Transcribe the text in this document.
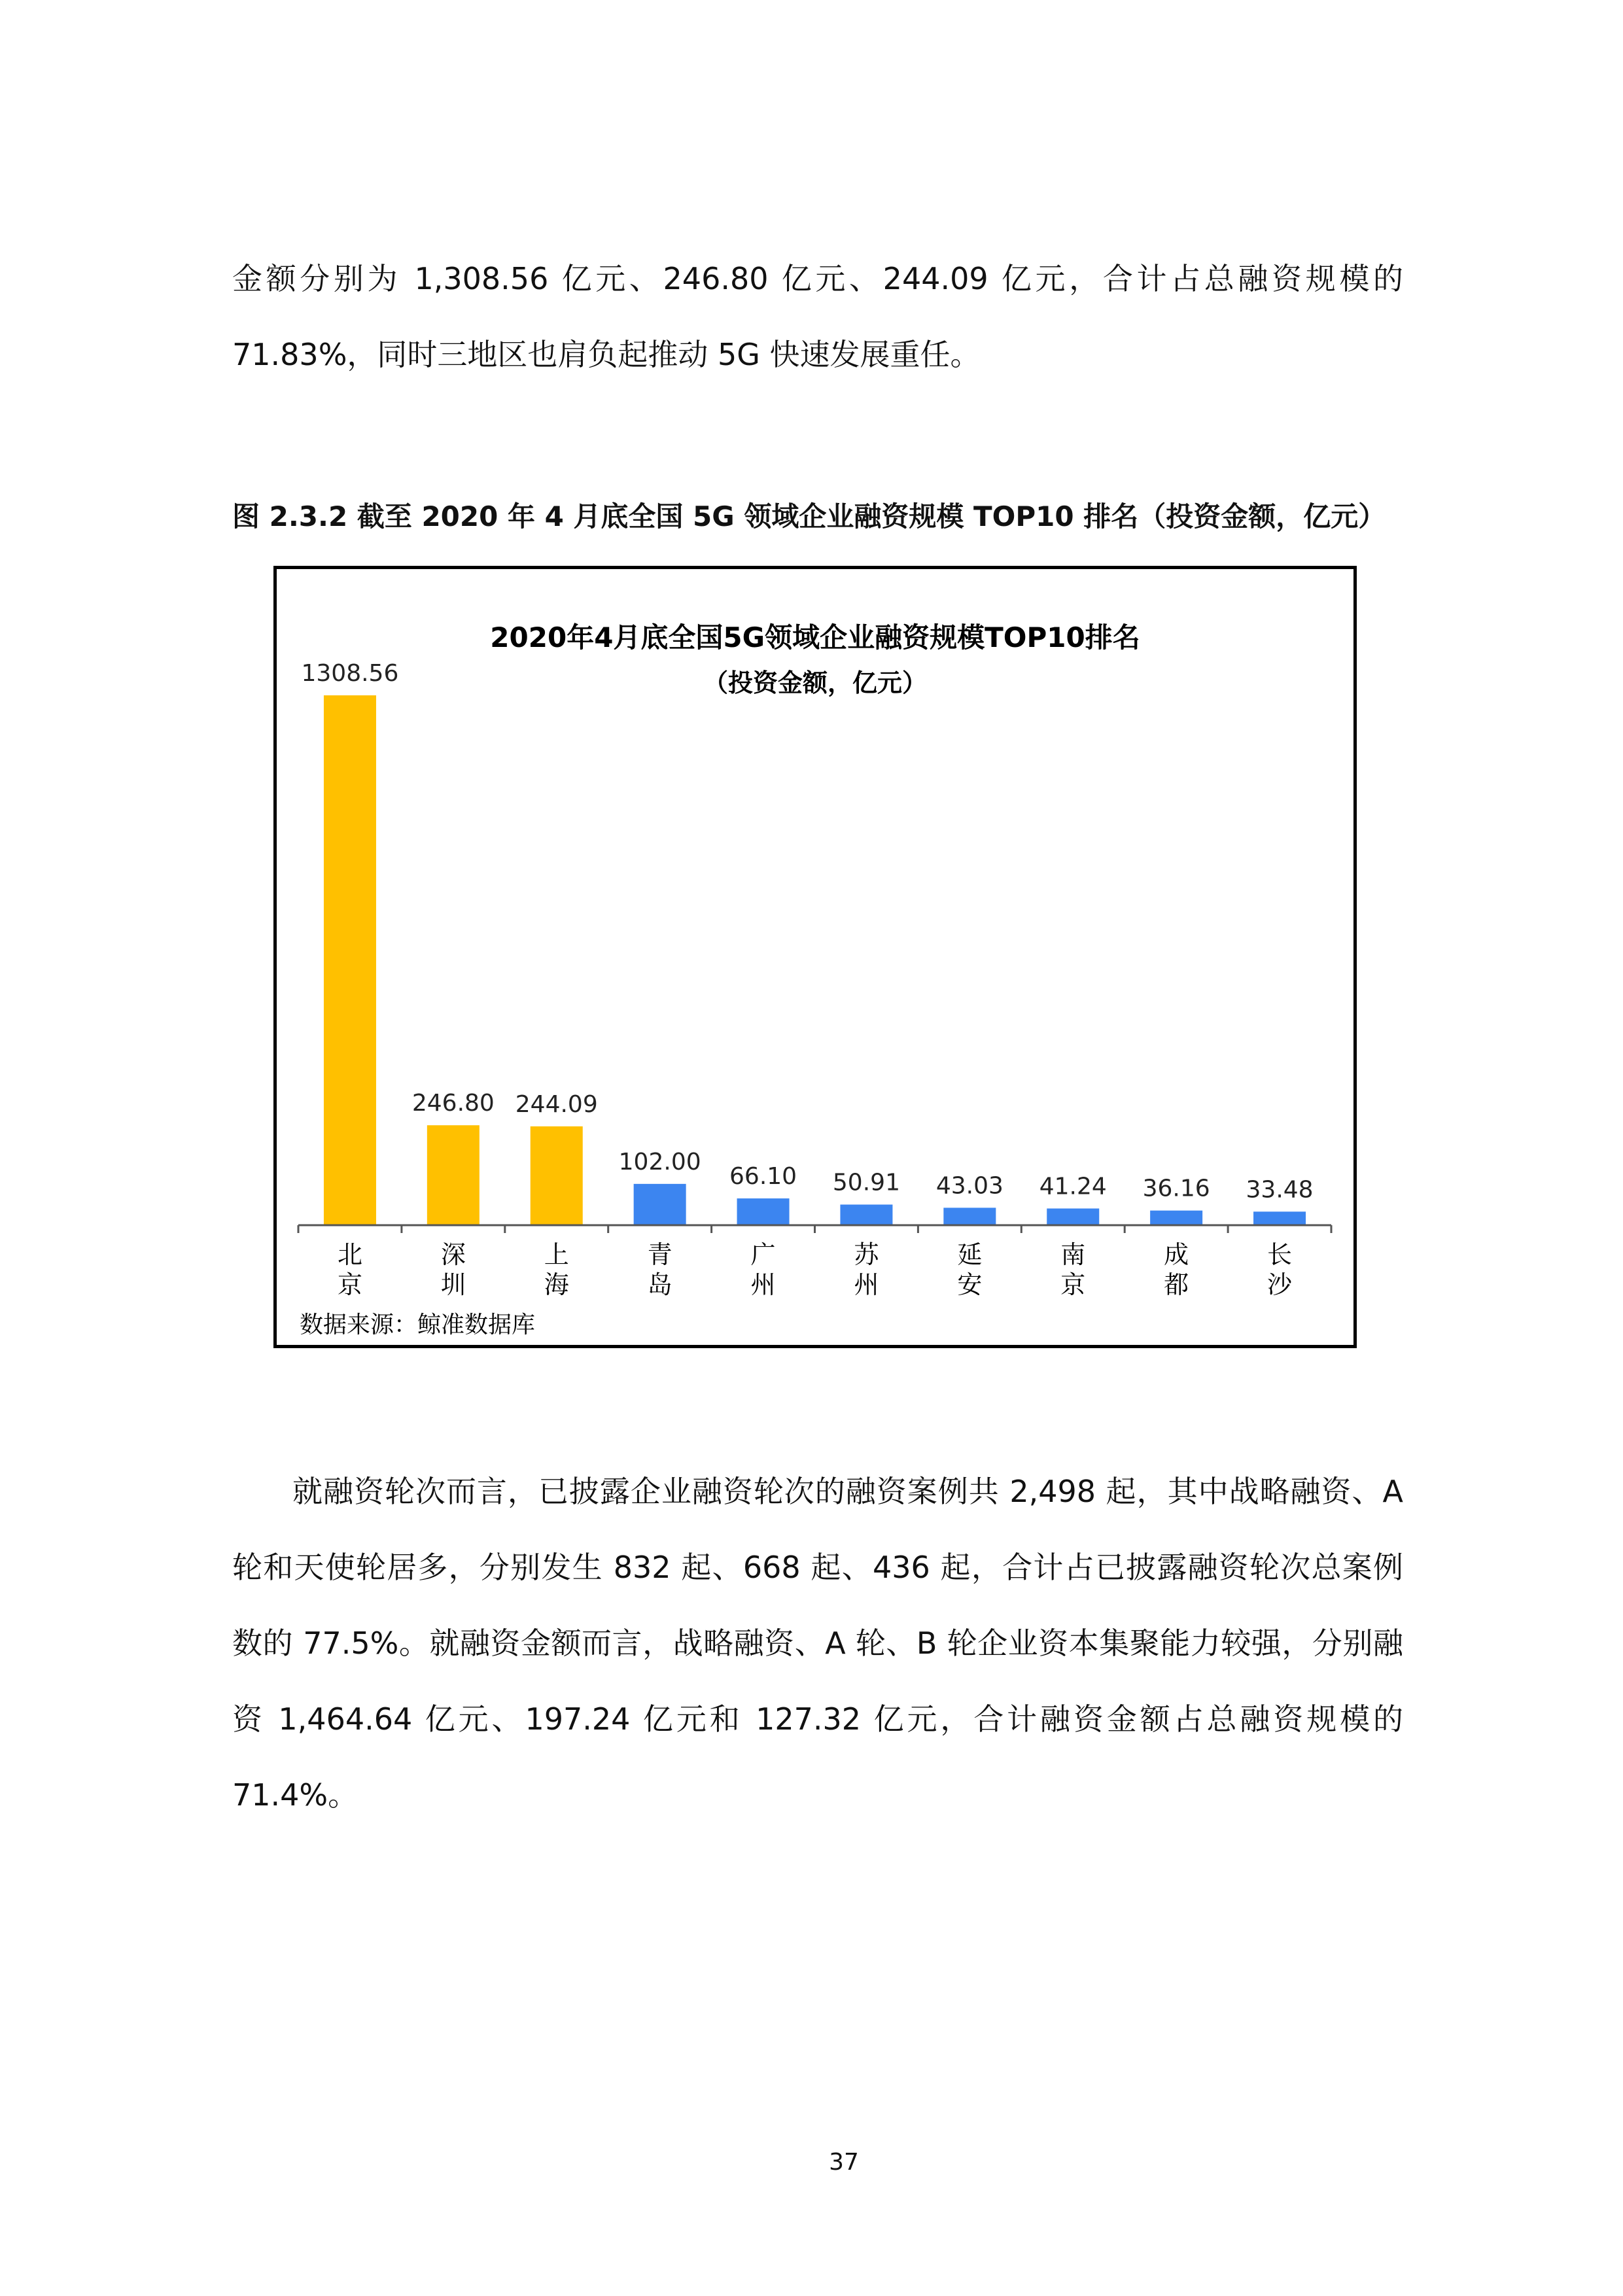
金额分别为 1,308.56 亿元、246.80 亿元、244.09 亿元，合计占总融资规模的71.83%，同时三地区也肩负起推动 5G 快速发展重任。

图 2.3.2 截至 2020 年 4 月底全国 5G 领域企业融资规模 TOP10 排名（投资金额，亿元）

2020年4月底全国5G领域企业融资规模TOP10排名
（投资金额，亿元）
1308.56
246.80 244.09
102.00
66.10 50.91 43.03 41.24 36.16 33.48
北京
深圳
上海
青岛
广州
苏州
延安
南京
成都
长沙
数据来源：鲸准数据库

就融资轮次而言，已披露企业融资轮次的融资案例共 2,498 起，其中战略融资、A 轮和天使轮居多，分别发生 832 起、668 起、436 起，合计占已披露融资轮次总案例数的 77.5%。就融资金额而言，战略融资、A 轮、B 轮企业资本集聚能力较强，分别融资 1,464.64 亿元、197.24 亿元和 127.32 亿元，合计融资金额占总融资规模的 71.4%。

37
